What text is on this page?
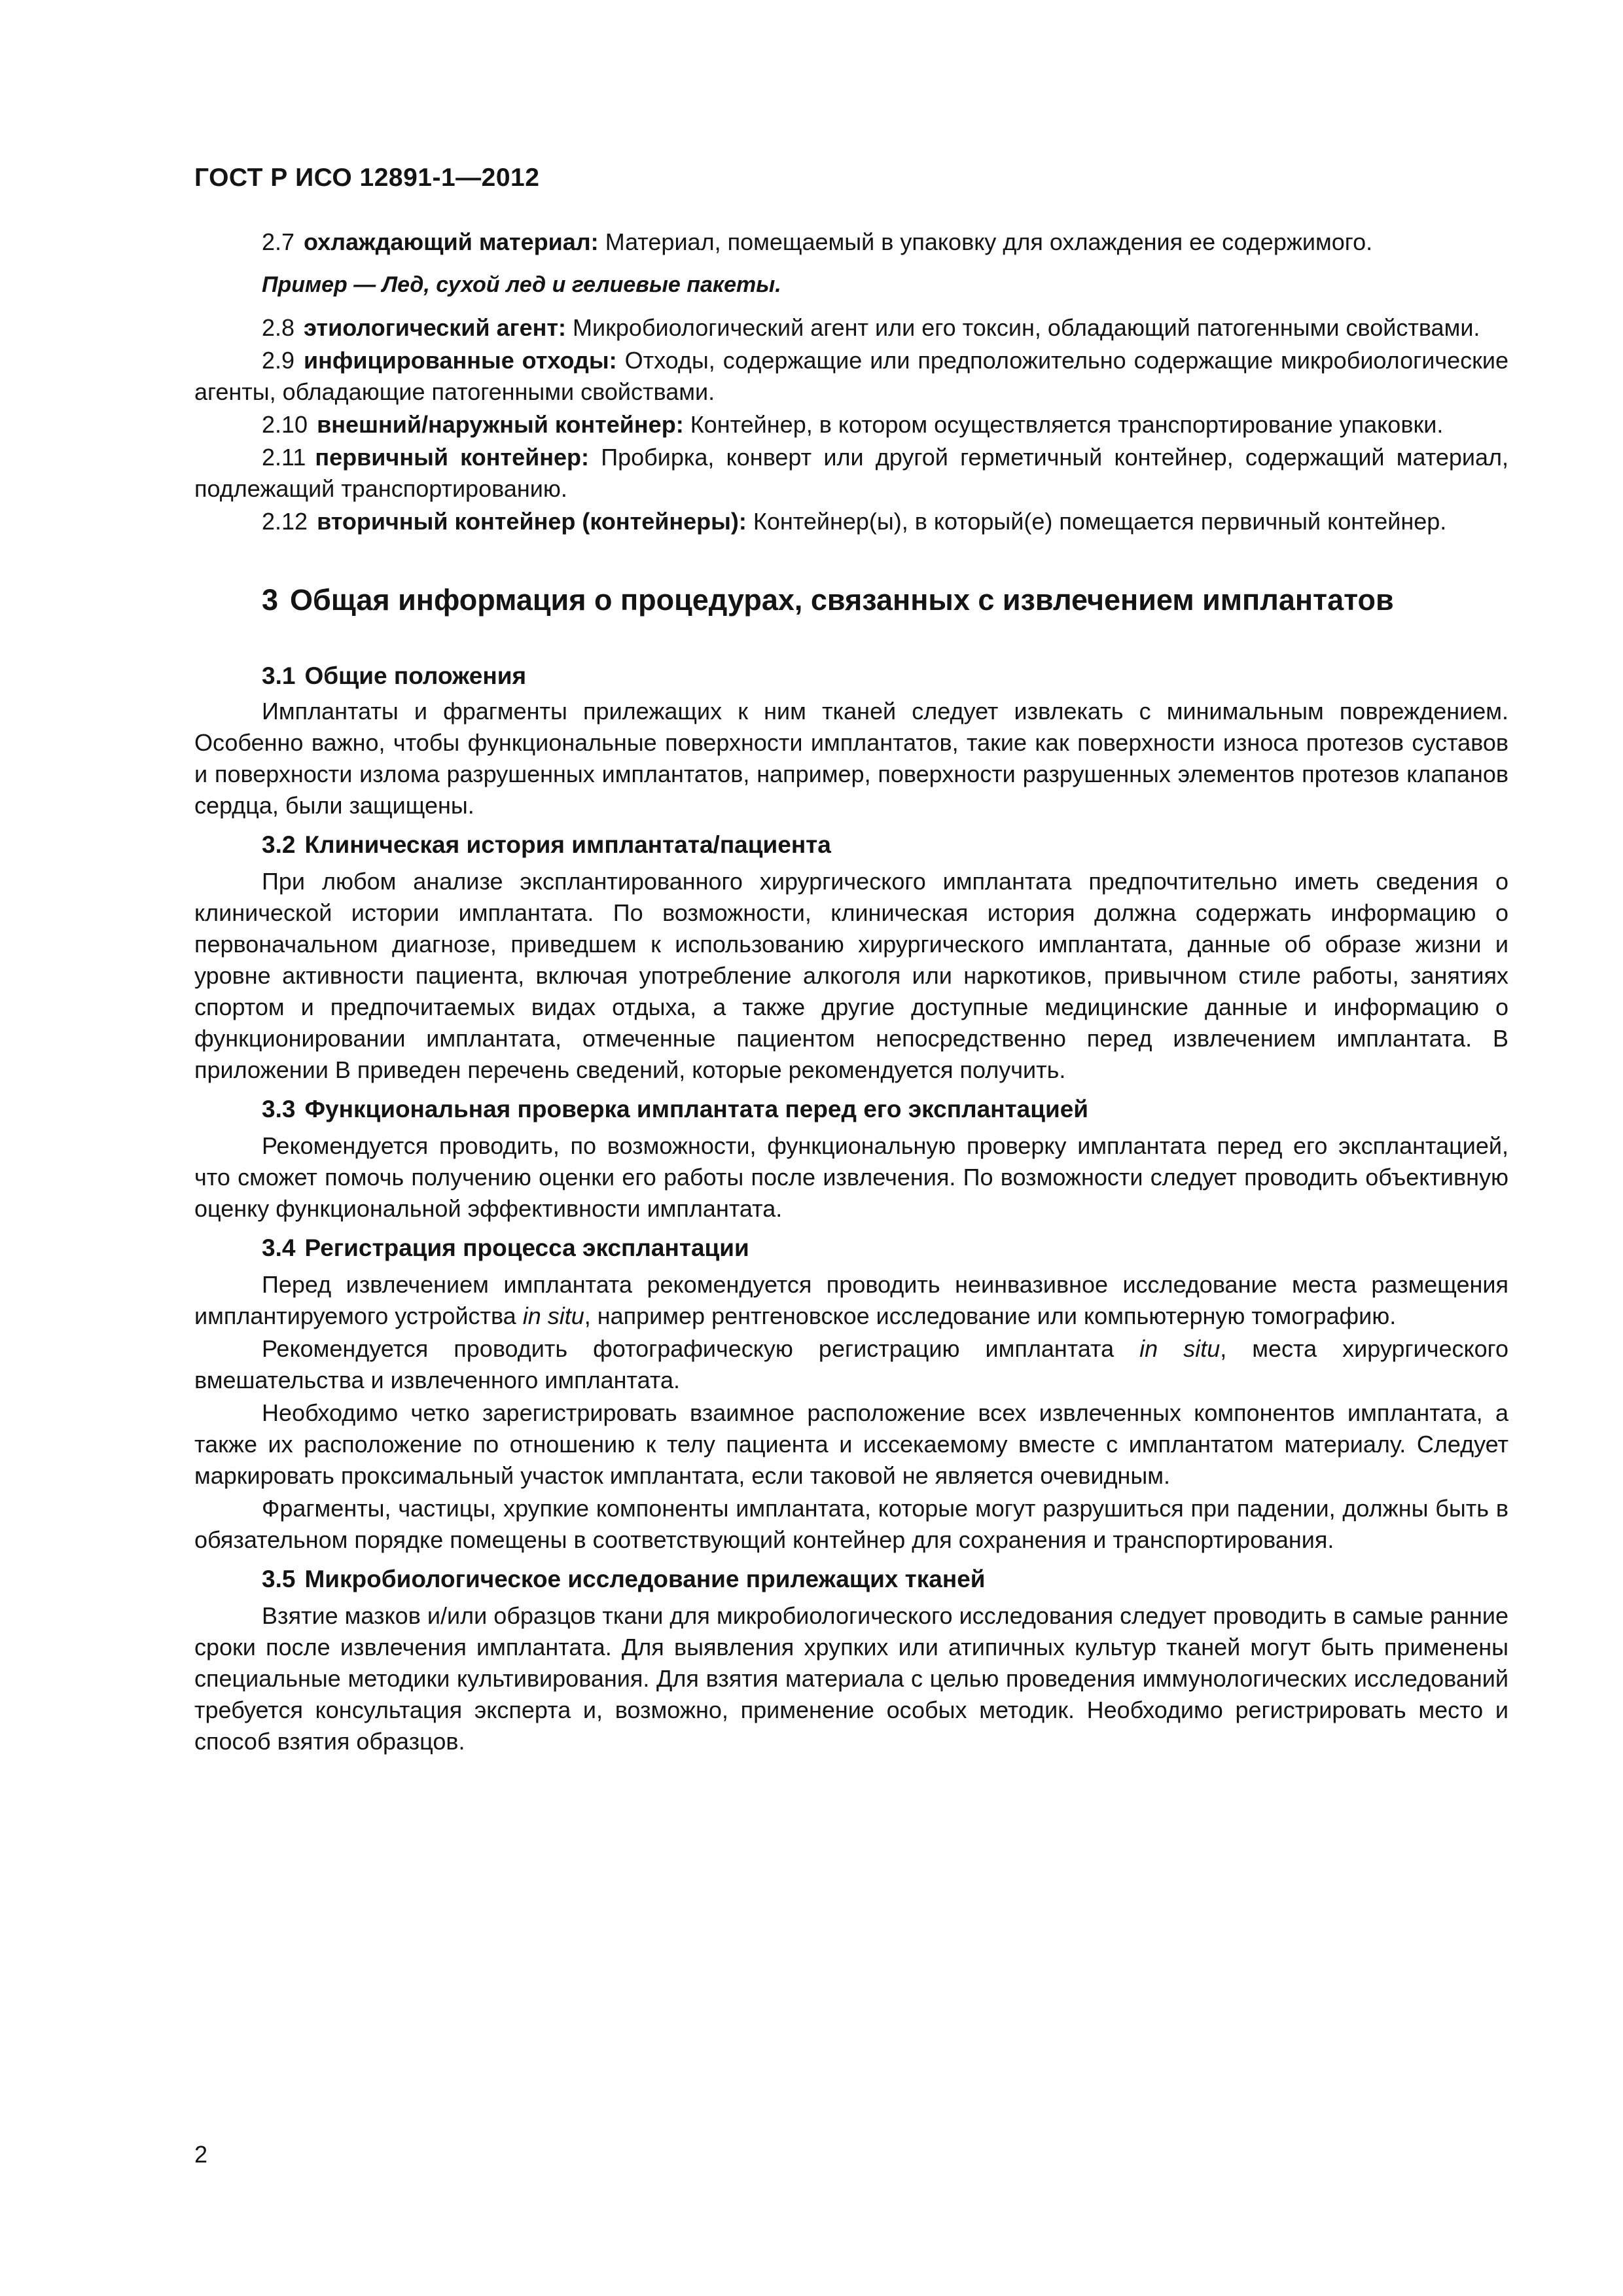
ГОСТ Р ИСО 12891-1—2012

2.7 охлаждающий материал: Материал, помещаемый в упаковку для охлаждения ее содержимого.

Пример — Лед, сухой лед и гелиевые пакеты.

2.8 этиологический агент: Микробиологический агент или его токсин, обладающий патогенными свойствами.

2.9 инфицированные отходы: Отходы, содержащие или предположительно содержащие микробиологические агенты, обладающие патогенными свойствами.

2.10 внешний/наружный контейнер: Контейнер, в котором осуществляется транспортирование упаковки.

2.11 первичный контейнер: Пробирка, конверт или другой герметичный контейнер, содержащий материал, подлежащий транспортированию.

2.12 вторичный контейнер (контейнеры): Контейнер(ы), в который(е) помещается первичный контейнер.

3 Общая информация о процедурах, связанных с извлечением имплантатов
3.1 Общие положения

Имплантаты и фрагменты прилежащих к ним тканей следует извлекать с минимальным повреждением. Особенно важно, чтобы функциональные поверхности имплантатов, такие как поверхности износа протезов суставов и поверхности излома разрушенных имплантатов, например, поверхности разрушенных элементов протезов клапанов сердца, были защищены.

3.2 Клиническая история имплантата/пациента

При любом анализе эксплантированного хирургического имплантата предпочтительно иметь сведения о клинической истории имплантата. По возможности, клиническая история должна содержать информацию о первоначальном диагнозе, приведшем к использованию хирургического имплантата, данные об образе жизни и уровне активности пациента, включая употребление алкоголя или наркотиков, привычном стиле работы, занятиях спортом и предпочитаемых видах отдыха, а также другие доступные медицинские данные и информацию о функционировании имплантата, отмеченные пациентом непосредственно перед извлечением имплантата. В приложении В приведен перечень сведений, которые рекомендуется получить.

3.3 Функциональная проверка имплантата перед его эксплантацией

Рекомендуется проводить, по возможности, функциональную проверку имплантата перед его эксплантацией, что сможет помочь получению оценки его работы после извлечения. По возможности следует проводить объективную оценку функциональной эффективности имплантата.

3.4 Регистрация процесса эксплантации

Перед извлечением имплантата рекомендуется проводить неинвазивное исследование места размещения имплантируемого устройства in situ, например рентгеновское исследование или компьютерную томографию.

Рекомендуется проводить фотографическую регистрацию имплантата in situ, места хирургического вмешательства и извлеченного имплантата.

Необходимо четко зарегистрировать взаимное расположение всех извлеченных компонентов имплантата, а также их расположение по отношению к телу пациента и иссекаемому вместе с имплантатом материалу. Следует маркировать проксимальный участок имплантата, если таковой не является очевидным.

Фрагменты, частицы, хрупкие компоненты имплантата, которые могут разрушиться при падении, должны быть в обязательном порядке помещены в соответствующий контейнер для сохранения и транспортирования.

3.5 Микробиологическое исследование прилежащих тканей

Взятие мазков и/или образцов ткани для микробиологического исследования следует проводить в самые ранние сроки после извлечения имплантата. Для выявления хрупких или атипичных культур тканей могут быть применены специальные методики культивирования. Для взятия материала с целью проведения иммунологических исследований требуется консультация эксперта и, возможно, применение особых методик. Необходимо регистрировать место и способ взятия образцов.

2
